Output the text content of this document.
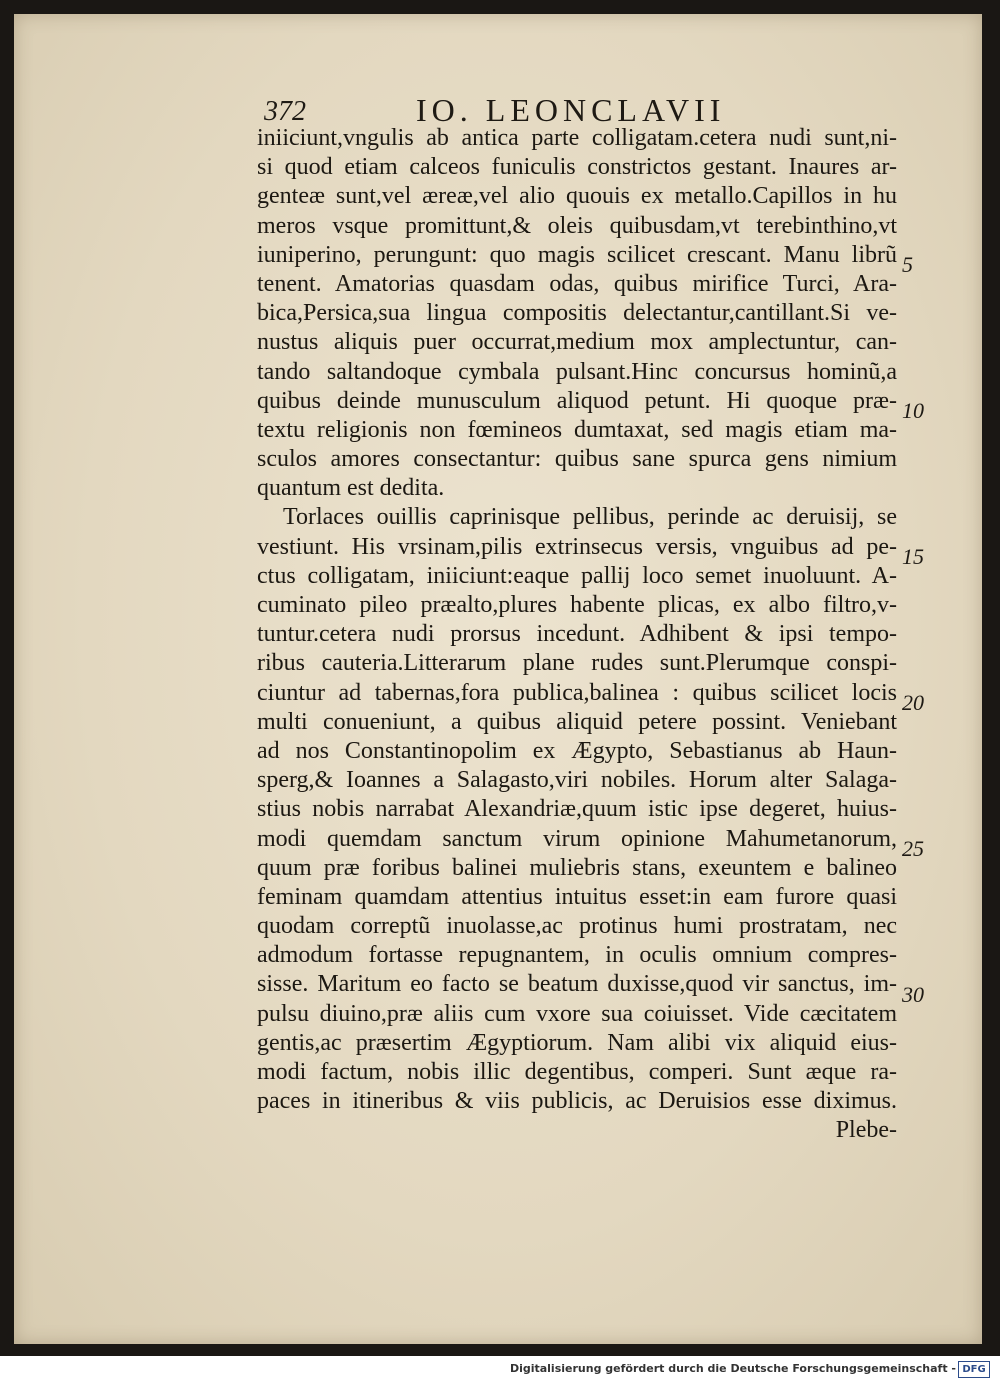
372	IO. LEONCLAVII
iniiciunt,vngulis ab antica parte colligatam.cetera nudi sunt,ni-
si quod etiam calceos funiculis constrictos gestant. Inaures ar-
genteæ sunt,vel æreæ,vel alio quouis ex metallo.Capillos in hu
meros vsque promittunt,& oleis quibusdam,vt terebinthino,vt
iuniperino, perungunt: quo magis scilicet crescant. Manu librũ
tenent. Amatorias quasdam odas, quibus mirifice Turci, Ara-
bica,Persica,sua lingua compositis delectantur,cantillant.Si ve-
nustus aliquis puer occurrat,medium mox amplectuntur, can-
tando saltandoque cymbala pulsant.Hinc concursus hominũ,a
quibus deinde munusculum aliquod petunt. Hi quoque præ-
textu religionis non fœmineos dumtaxat, sed magis etiam ma-
sculos amores consectantur: quibus sane spurca gens nimium
quantum est dedita.
Torlaces ouillis caprinisque pellibus, perinde ac deruisij, se
vestiunt. His vrsinam,pilis extrinsecus versis, vnguibus ad pe-
ctus colligatam, iniiciunt:eaque pallij loco semet inuoluunt. A-
cuminato pileo præalto,plures habente plicas, ex albo filtro,v-
tuntur.cetera nudi prorsus incedunt. Adhibent & ipsi tempo-
ribus cauteria.Litterarum plane rudes sunt.Plerumque conspi-
ciuntur ad tabernas,fora publica,balinea : quibus scilicet locis
multi conueniunt, a quibus aliquid petere possint. Veniebant
ad nos Constantinopolim ex Ægypto, Sebastianus ab Haun-
sperg,& Ioannes a Salagasto,viri nobiles. Horum alter Salaga-
stius nobis narrabat Alexandriæ,quum istic ipse degeret, huius-
modi quemdam sanctum virum opinione Mahumetanorum,
quum præ foribus balinei muliebris stans, exeuntem e balineo
feminam quamdam attentius intuitus esset:in eam furore quasi
quodam correptũ inuolasse,ac protinus humi prostratam, nec
admodum fortasse repugnantem, in oculis omnium compres-
sisse. Maritum eo facto se beatum duxisse,quod vir sanctus, im-
pulsu diuino,præ aliis cum vxore sua coiuisset. Vide cæcitatem
gentis,ac præsertim Ægyptiorum. Nam alibi vix aliquid eius-
modi factum, nobis illic degentibus, comperi. Sunt æque ra-
paces in itineribus & viis publicis, ac Deruisios esse diximus.
Plebe-
5
10
15
20
25
30
Digitalisierung gefördert durch die Deutsche Forschungsgemeinschaft - DFG
